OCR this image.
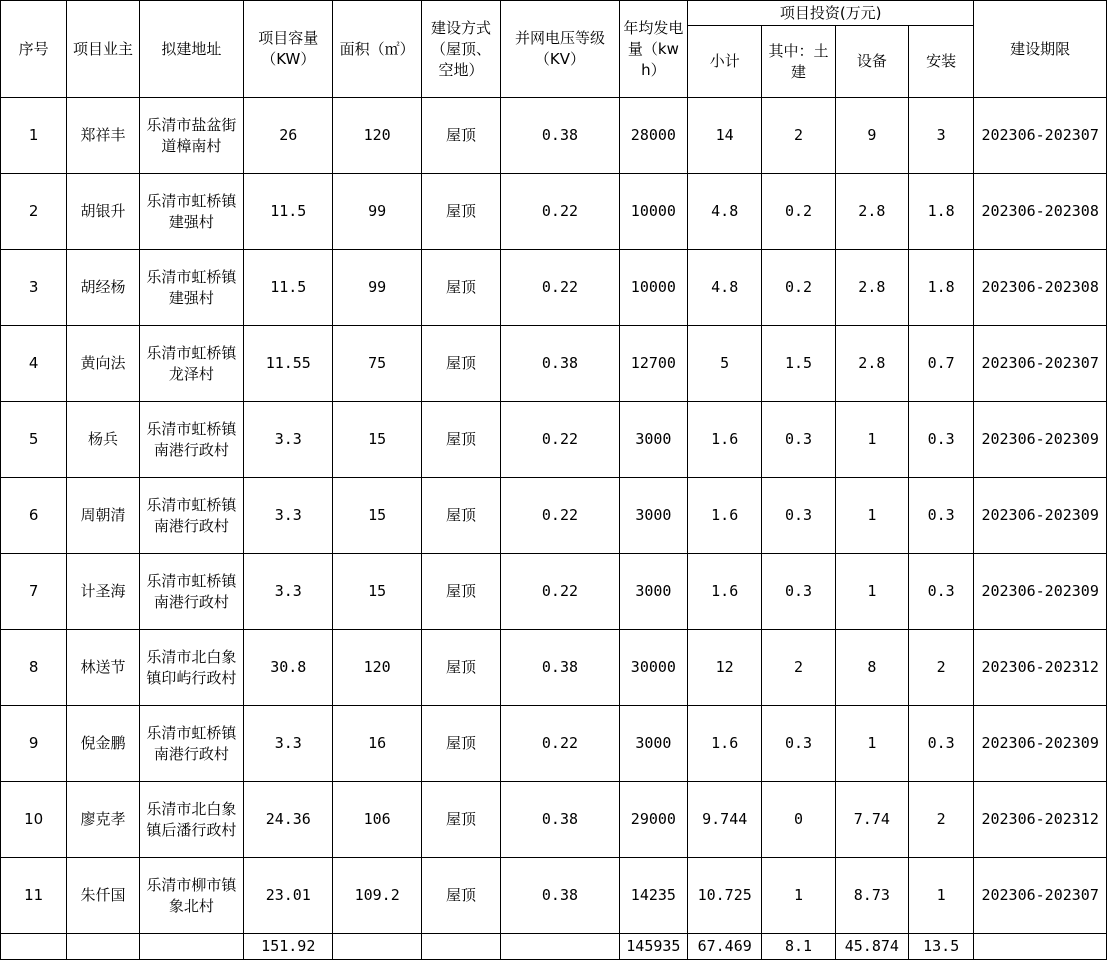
序号	项目业主	拟建地址	项目容量（KW）	面积（㎡）	建设方式（屋顶、空地）	并网电压等级（KV）	年均发电量（kwh）	项目投资(万元)				建设期限
								小计	其中：土建	设备	安装	
1	郑祥丰	乐清市盐盆街道樟南村	26	120	屋顶	0.38	28000	14	2	9	3	202306-202307
2	胡银升	乐清市虹桥镇建强村	11.5	99	屋顶	0.22	10000	4.8	0.2	2.8	1.8	202306-202308
3	胡经杨	乐清市虹桥镇建强村	11.5	99	屋顶	0.22	10000	4.8	0.2	2.8	1.8	202306-202308
4	黄向法	乐清市虹桥镇龙泽村	11.55	75	屋顶	0.38	12700	5	1.5	2.8	0.7	202306-202307
5	杨兵	乐清市虹桥镇南港行政村	3.3	15	屋顶	0.22	3000	1.6	0.3	1	0.3	202306-202309
6	周朝清	乐清市虹桥镇南港行政村	3.3	15	屋顶	0.22	3000	1.6	0.3	1	0.3	202306-202309
7	计圣海	乐清市虹桥镇南港行政村	3.3	15	屋顶	0.22	3000	1.6	0.3	1	0.3	202306-202309
8	林送节	乐清市北白象镇印屿行政村	30.8	120	屋顶	0.38	30000	12	2	8	2	202306-202312
9	倪金鹏	乐清市虹桥镇南港行政村	3.3	16	屋顶	0.22	3000	1.6	0.3	1	0.3	202306-202309
10	廖克孝	乐清市北白象镇后潘行政村	24.36	106	屋顶	0.38	29000	9.744	0	7.74	2	202306-202312
11	朱仟国	乐清市柳市镇象北村	23.01	109.2	屋顶	0.38	14235	10.725	1	8.73	1	202306-202307
			151.92				145935	67.469	8.1	45.874	13.5	
